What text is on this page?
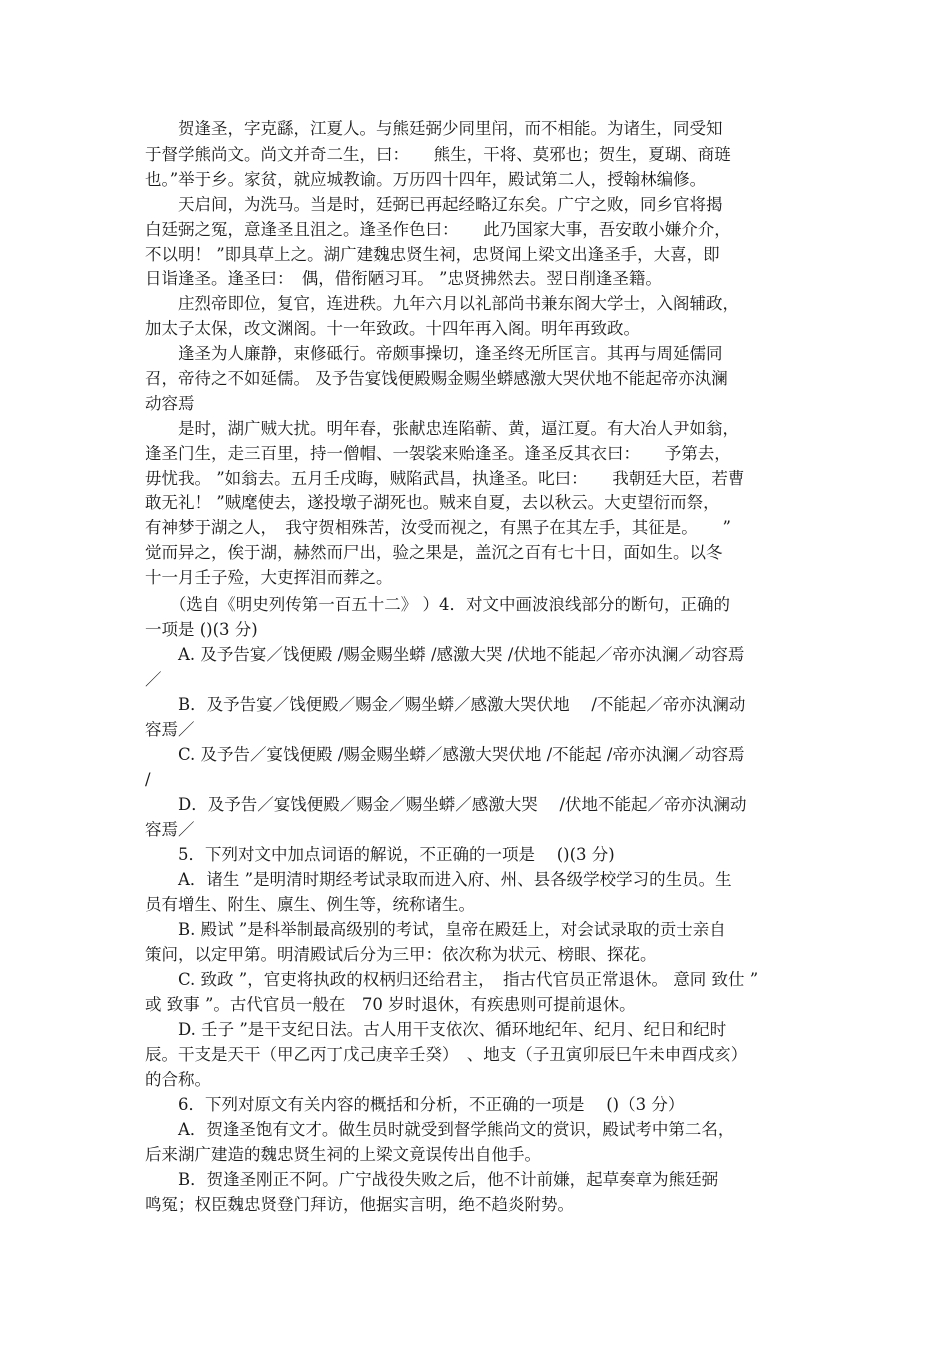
　　贺逢圣，字克繇，江夏人。与熊廷弼少同里闬，而不相能。为诸生，同受知
于督学熊尚文。尚文并奇二生，曰：　　熊生，干将、莫邪也；贺生，夏瑚、商琏
也。”举于乡。家贫，就应城教谕。万历四十四年，殿试第二人，授翰林编修。
　　天启间，为洗马。当是时，廷弼已再起经略辽东矣。广宁之败，同乡官将揭
白廷弼之冤，意逢圣且沮之。逢圣作色曰：　　此乃国家大事，吾安敢小嫌介介，
不以明！ ”即具草上之。湖广建魏忠贤生祠，忠贤闻上梁文出逢圣手，大喜，即
日诣逢圣。逢圣曰：　偶，借衔陋习耳。 ”忠贤拂然去。翌日削逢圣籍。
　　庄烈帝即位，复官，连进秩。九年六月以礼部尚书兼东阁大学士，入阁辅政，
加太子太保，改文渊阁。十一年致政。十四年再入阁。明年再致政。
　　逢圣为人廉静，束修砥行。帝颇事操切，逢圣终无所匡言。其再与周延儒同
召，帝待之不如延儒。 及予告宴饯便殿赐金赐坐蟒感激大哭伏地不能起帝亦汍澜
动容焉
　　是时，湖广贼大扰。明年春，张献忠连陷蕲、黄，逼江夏。有大冶人尹如翁，
逢圣门生，走三百里，持一僧帽、一袈裟来贻逢圣。逢圣反其衣曰：　　予第去，
毋忧我。 ”如翁去。五月壬戌晦，贼陷武昌，执逢圣。叱曰：　　我朝廷大臣，若曹
敢无礼！ ”贼麾使去，遂投墩子湖死也。贼来自夏，去以秋云。大吏望衍而祭，
有神梦于湖之人，　我守贺相殊苦，汝受而视之，有黑子在其左手，其征是。　　”
觉而异之，俟于湖，赫然而尸出，验之果是，盖沉之百有七十日，面如生。以冬
十一月壬子殓，大吏挥泪而葬之。
　　（选自《明史列传第一百五十二》 ）4．对文中画波浪线部分的断句，正确的
一项是 ()(3 分)
　　A. 及予告宴／饯便殿 /赐金赐坐蟒 /感激大哭 /伏地不能起／帝亦汍澜／动容焉
／
　　B．及予告宴／饯便殿／赐金／赐坐蟒／感激大哭伏地　 /不能起／帝亦汍澜动
容焉／
　　C. 及予告／宴饯便殿 /赐金赐坐蟒／感激大哭伏地 /不能起 /帝亦汍澜／动容焉
/
　　D．及予告／宴饯便殿／赐金／赐坐蟒／感激大哭　 /伏地不能起／帝亦汍澜动
容焉／
　　5．下列对文中加点词语的解说，不正确的一项是　 ()(3 分)
　　A．诸生 ”是明清时期经考试录取而进入府、州、县各级学校学习的生员。生
员有增生、附生、廪生、例生等，统称诸生。
　　B. 殿试 ”是科举制最高级别的考试，皇帝在殿廷上，对会试录取的贡士亲自
策问，以定甲第。明清殿试后分为三甲：依次称为状元、榜眼、探花。
　　C. 致政 ”，官吏将执政的权柄归还给君主，　指古代官员正常退休。 意同 致仕 ”
或 致事 ”。古代官员一般在　70 岁时退休，有疾患则可提前退休。
　　D. 壬子 ”是干支纪日法。古人用干支依次、循环地纪年、纪月、纪日和纪时
辰。干支是天干（甲乙丙丁戊己庚辛壬癸）　、地支（子丑寅卯辰巳午未申酉戌亥）
的合称。
　　6．下列对原文有关内容的概括和分析，不正确的一项是　 ()（3 分）
　　A．贺逢圣饱有文才。做生员时就受到督学熊尚文的赏识，殿试考中第二名，
后来湖广建造的魏忠贤生祠的上梁文竟误传出自他手。
　　B．贺逢圣刚正不阿。广宁战役失败之后，他不计前嫌，起草奏章为熊廷弼
鸣冤；权臣魏忠贤登门拜访，他据实言明，绝不趋炎附势。
